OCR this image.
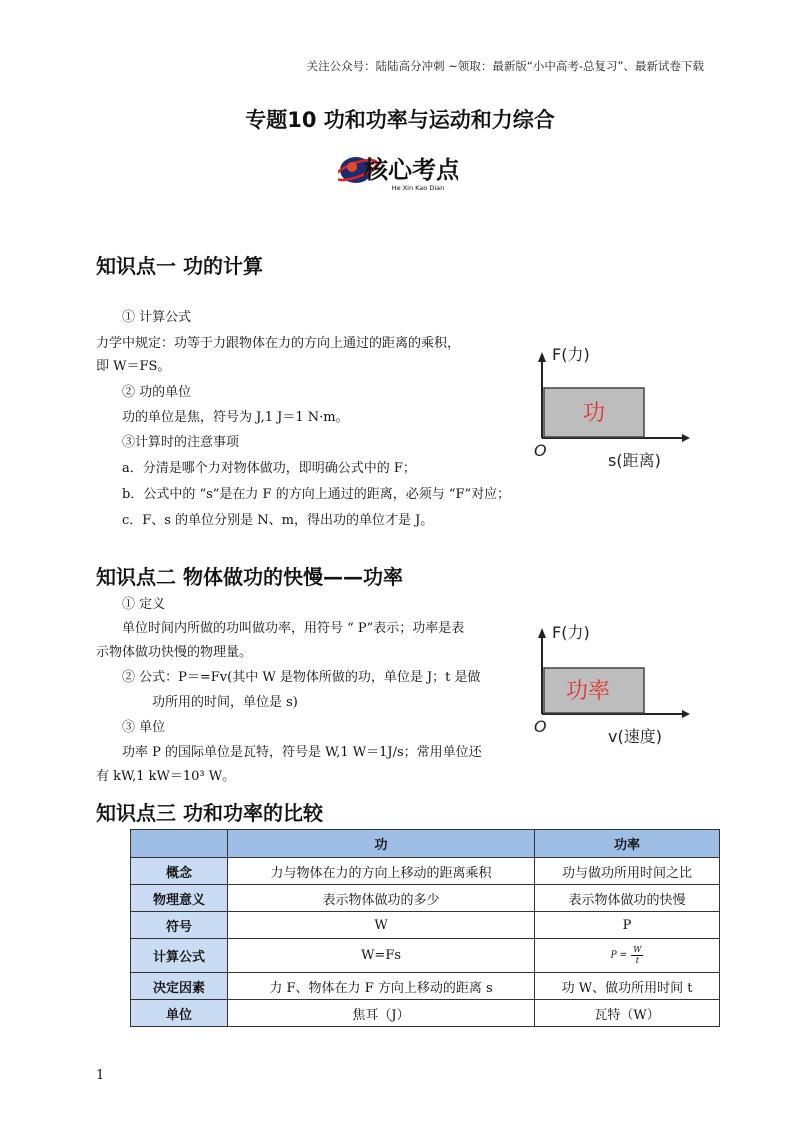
关注公众号：陆陆高分冲刺 ~领取：最新版“小中高考-总复习”、最新试卷下载
专题10 功和功率与运动和力综合
核心考点
He Xin Kao Dian
知识点一 功的计算
① 计算公式
力学中规定：功等于力跟物体在力的方向上通过的距离的乘积，
即 W＝FS。
② 功的单位
功的单位是焦，符号为 J,1 J＝1 N·m。
③计算时的注意事项
a．分清是哪个力对物体做功，即明确公式中的 F；
b．公式中的 “s”是在力 F 的方向上通过的距离，必须与 “F”对应；
c．F、s 的单位分别是 N、m，得出功的单位才是 J。
功
F(力)
O
s(距离)
知识点二 物体做功的快慢——功率
① 定义
单位时间内所做的功叫做功率，用符号 “ P”表示；功率是表
示物体做功快慢的物理量。
② 公式：P＝=Fv(其中 W 是物体所做的功，单位是 J；t 是做
功所用的时间，单位是 s)
③ 单位
功率 P 的国际单位是瓦特，符号是 W,1 W＝1J/s；常用单位还
有 kW,1 kW＝10³ W。
功率
F(力)
O
v(速度)
知识点三 功和功率的比较
	功	功率
概念	力与物体在力的方向上移动的距离乘积	功与做功所用时间之比
物理意义	表示物体做功的多少	表示物体做功的快慢
符号	W	P
计算公式	W=Fs	$P = \frac{W}{t}$

决定因素	力 F、物体在力 F 方向上移动的距离 s	功 W、做功所用时间 t
单位	焦耳（J）	瓦特（W）
1
